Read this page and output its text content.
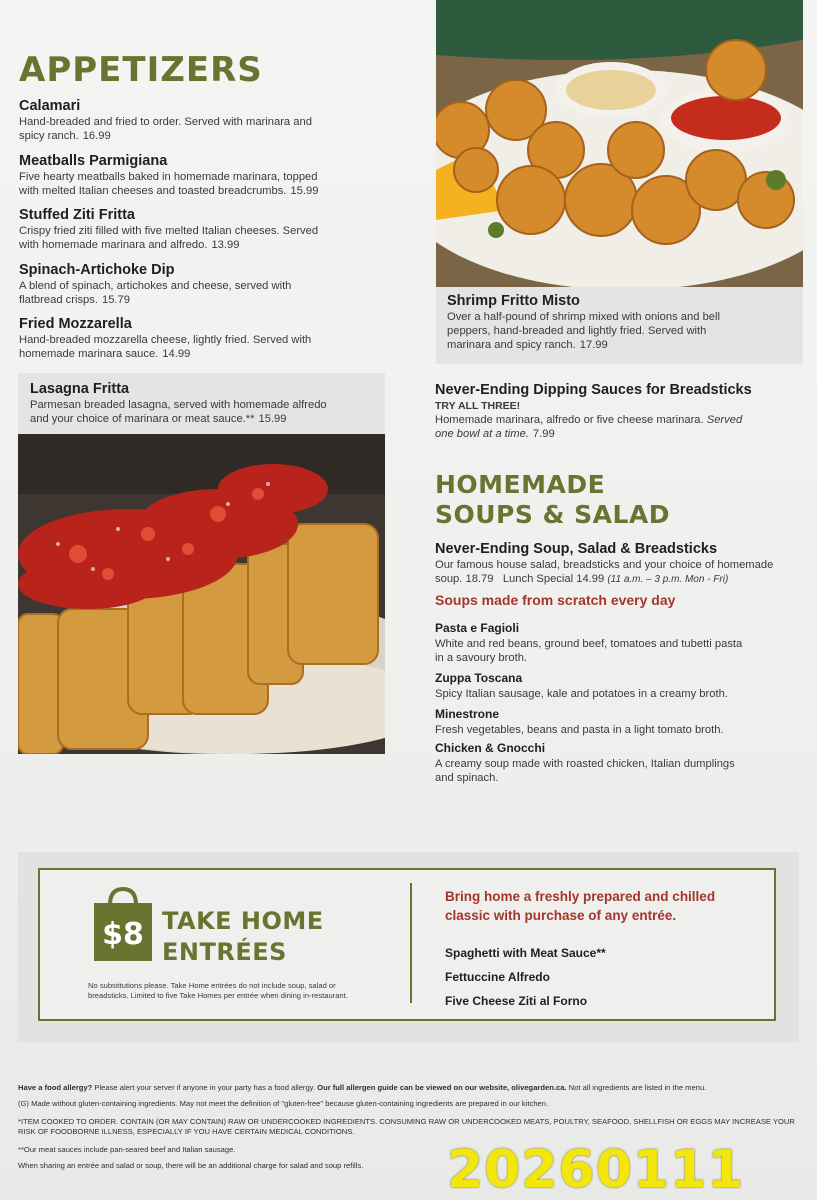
APPETIZERS
Calamari
Hand-breaded and fried to order. Served with marinara and
spicy ranch. 16.99
Meatballs Parmigiana
Five hearty meatballs baked in homemade marinara, topped
with melted Italian cheeses and toasted breadcrumbs. 15.99
Stuffed Ziti Fritta
Crispy fried ziti filled with five melted Italian cheeses. Served
with homemade marinara and alfredo. 13.99
Spinach-Artichoke Dip
A blend of spinach, artichokes and cheese, served with
flatbread crisps. 15.79
Fried Mozzarella
Hand-breaded mozzarella cheese, lightly fried. Served with
homemade marinara sauce. 14.99
Lasagna Fritta
Parmesan breaded lasagna, served with homemade alfredo
and your choice of marinara or meat sauce.** 15.99
Shrimp Fritto Misto
Over a half-pound of shrimp mixed with onions and bell
peppers, hand-breaded and lightly fried. Served with
marinara and spicy ranch. 17.99
Never-Ending Dipping Sauces for Breadsticks
TRY ALL THREE!
Homemade marinara, alfredo or five cheese marinara. Served
one bowl at a time. 7.99
HOMEMADE
SOUPS & SALAD
Never-Ending Soup, Salad & Breadsticks
Our famous house salad, breadsticks and your choice of homemade
soup. 18.79 Lunch Special 14.99 (11 a.m. – 3 p.m. Mon - Fri)
Soups made from scratch every day
Pasta e Fagioli
White and red beans, ground beef, tomatoes and tubetti pasta
in a savoury broth.
Zuppa Toscana
Spicy Italian sausage, kale and potatoes in a creamy broth.
Minestrone
Fresh vegetables, beans and pasta in a light tomato broth.
Chicken & Gnocchi
A creamy soup made with roasted chicken, Italian dumplings
and spinach.
$8 TAKE HOME
ENTRÉES
No substitutions please. Take Home entrées do not include soup, salad or
breadsticks. Limited to five Take Homes per entrée when dining in-restaurant.
Bring home a freshly prepared and chilled
classic with purchase of any entrée.
Spaghetti with Meat Sauce**
Fettuccine Alfredo
Five Cheese Ziti al Forno
Have a food allergy? Please alert your server if anyone in your party has a food allergy. Our full allergen guide can be viewed on our website, olivegarden.ca. Not all ingredients are listed in the menu.
(G) Made without gluten-containing ingredients. May not meet the definition of "gluten-free" because gluten-containing ingredients are prepared in our kitchen.
*ITEM COOKED TO ORDER. CONTAIN (OR MAY CONTAIN) RAW OR UNDERCOOKED INGREDIENTS. CONSUMING RAW OR UNDERCOOKED MEATS, POULTRY, SEAFOOD, SHELLFISH OR EGGS MAY INCREASE YOUR
RISK OF FOODBORNE ILLNESS, ESPECIALLY IF YOU HAVE CERTAIN MEDICAL CONDITIONS.
**Our meat sauces include pan-seared beef and Italian sausage.
When sharing an entrée and salad or soup, there will be an additional charge for salad and soup refills. 20260111
